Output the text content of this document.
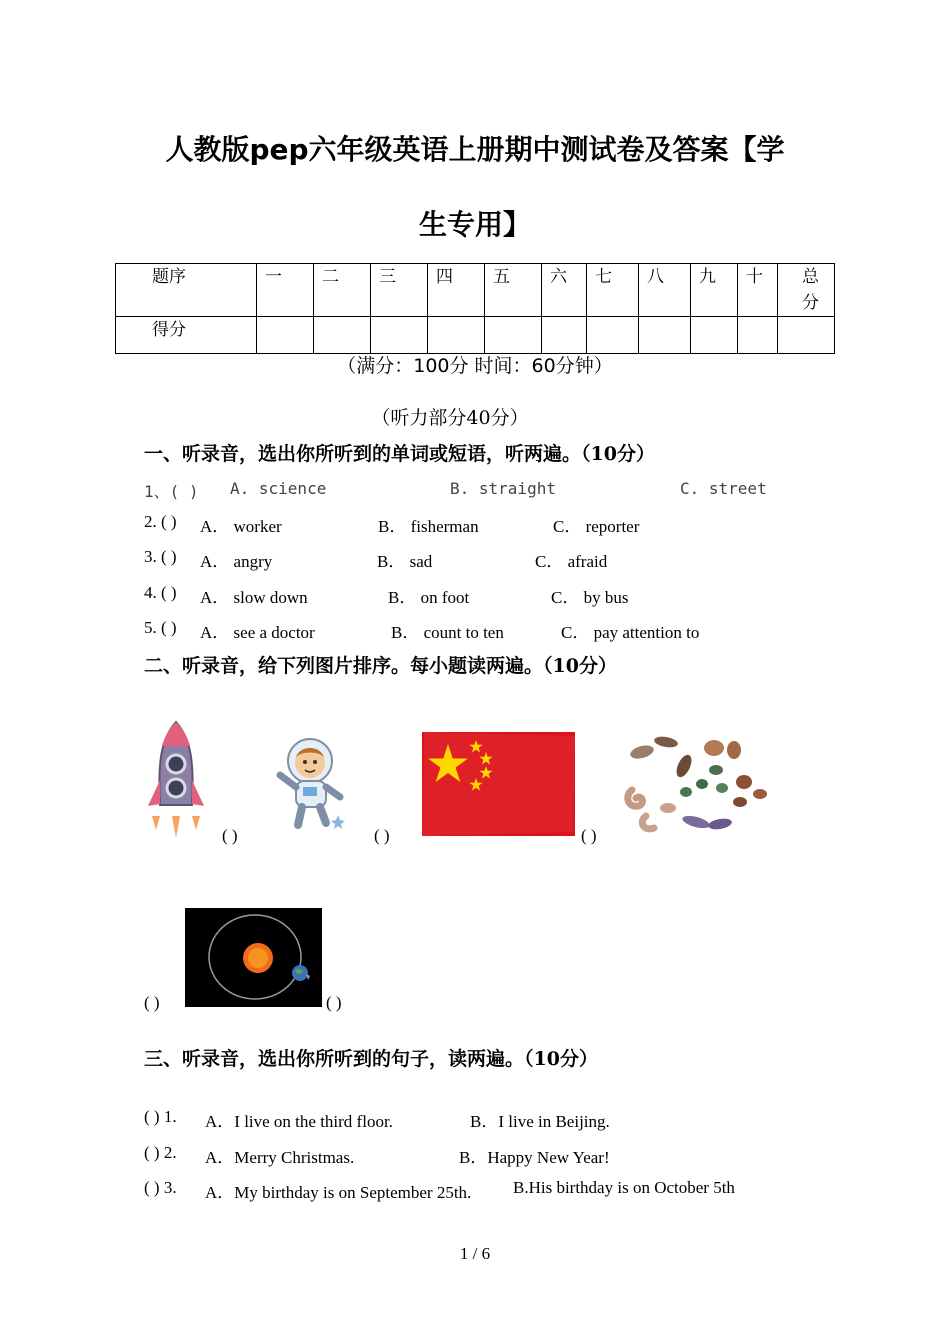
人教版pep六年级英语上册期中测试卷及答案【学
生专用】
题序	一	二	三	四	五	六	七	八	九	十	总分
得分											
（满分：100分 时间：60分钟）
（听力部分40分）
一、听录音，选出你所听到的单词或短语，听两遍。（10分）
1、( ) A. science	B. straight	C. street
2. ( ) A． worker	B． fisherman	C． reporter
3. ( ) A． angry	B． sad	C． afraid
4. ( ) A． slow down	B． on foot	C． by bus
5. ( ) A． see a doctor	B． count to ten	C． pay attention to
二、听录音，给下列图片排序。每小题读两遍。（10分）
( )	( )	( )
( )	( )
三、听录音，选出你所听到的句子，读两遍。（10分）
( ) 1. A．I live on the third floor.	B．I live in Beijing.
( ) 2. A．Merry Christmas.	B．Happy New Year!
( ) 3. A．My birthday is on September 25th. B.His birthday is on October 5th
1 / 6
